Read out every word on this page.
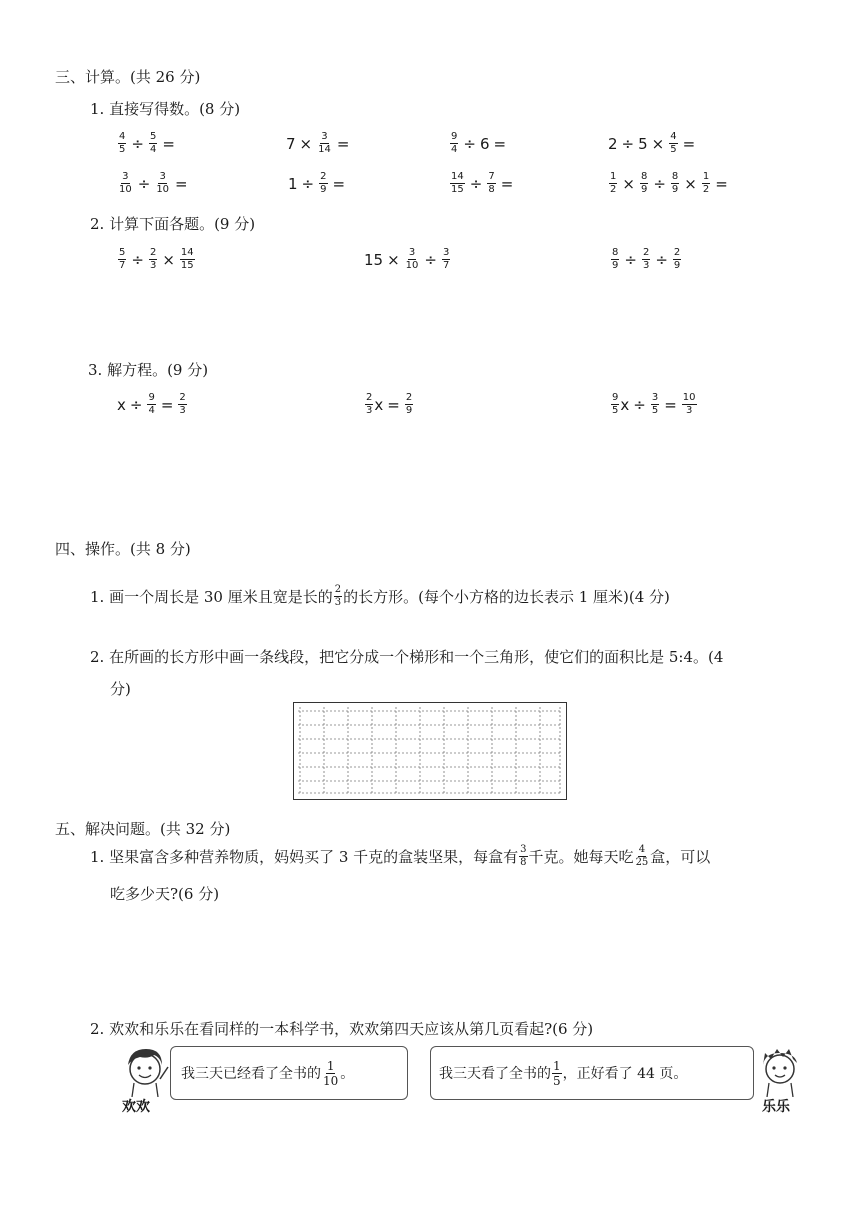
三、计算。(共 26 分)
1. 直接写得数。(8 分)
$\frac{4}{5} \div \frac{5}{4}$ =	$7 \times \frac{3}{14}$ =	$\frac{9}{4} \div 6$ =	$2 \div 5 \times \frac{4}{5}$ =
$\frac{3}{10} \div \frac{3}{10}$ =	$1 \div \frac{2}{9}$ =	$\frac{14}{15} \div \frac{7}{8}$ =	$\frac{1}{2} \times \frac{8}{9} \div \frac{8}{9} \times \frac{1}{2}$ =
2. 计算下面各题。(9 分)
$\frac{5}{7} \div \frac{2}{3} \times \frac{14}{15}$	$15 \times \frac{3}{10} \div \frac{3}{7}$	$\frac{8}{9} \div \frac{2}{3} \div \frac{2}{9}$
3. 解方程。(9 分)
$x \div \frac{9}{4} = \frac{2}{3}$	$\frac{2}{3}$ $x = \frac{2}{9}$	$\frac{9}{5}$ $x \div \frac{3}{5} = \frac{10}{3}$
四、操作。(共 8 分)
1. 画一个周长是 30 厘米且宽是长的 $\frac{2}{3}$ 的长方形。(每个小方格的边长表示 1 厘米)(4 分)
2. 在所画的长方形中画一条线段，把它分成一个梯形和一个三角形，使它们的面积比是 5:4。(4
分)
五、解决问题。(共 32 分)
1. 坚果富含多种营养物质，妈妈买了 3 千克的盒装坚果，每盒有 $\frac{3}{8}$ 千克。她每天吃 $\frac{4}{25}$ 盒，可以
吃多少天?(6 分)
2. 欢欢和乐乐在看同样的一本科学书，欢欢第四天应该从第几页看起?(6 分)
欢欢
我三天已经看了全书的 $\frac{1}{10}$ 。	我三天看了全书的 $\frac{1}{5}$ ，正好看了 44 页。
乐乐
